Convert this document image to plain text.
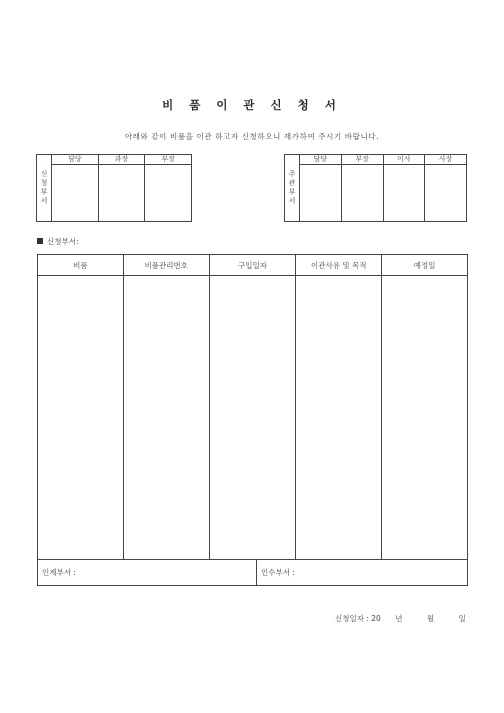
비 품 이 관 신 청 서
아래와 같이 비품을 이관 하고자 신청하오니 재가하여 주시기 바랍니다.
신
청
부
서	담당	과장	부장

주
관
부
서	담당	부장	이사	사장

신청부서:
비품	비품관리번호	구입일자	이관사유 및 목적	예정일

인계부서 :	인수부서 :
신청일자 : 20 년	월	일
